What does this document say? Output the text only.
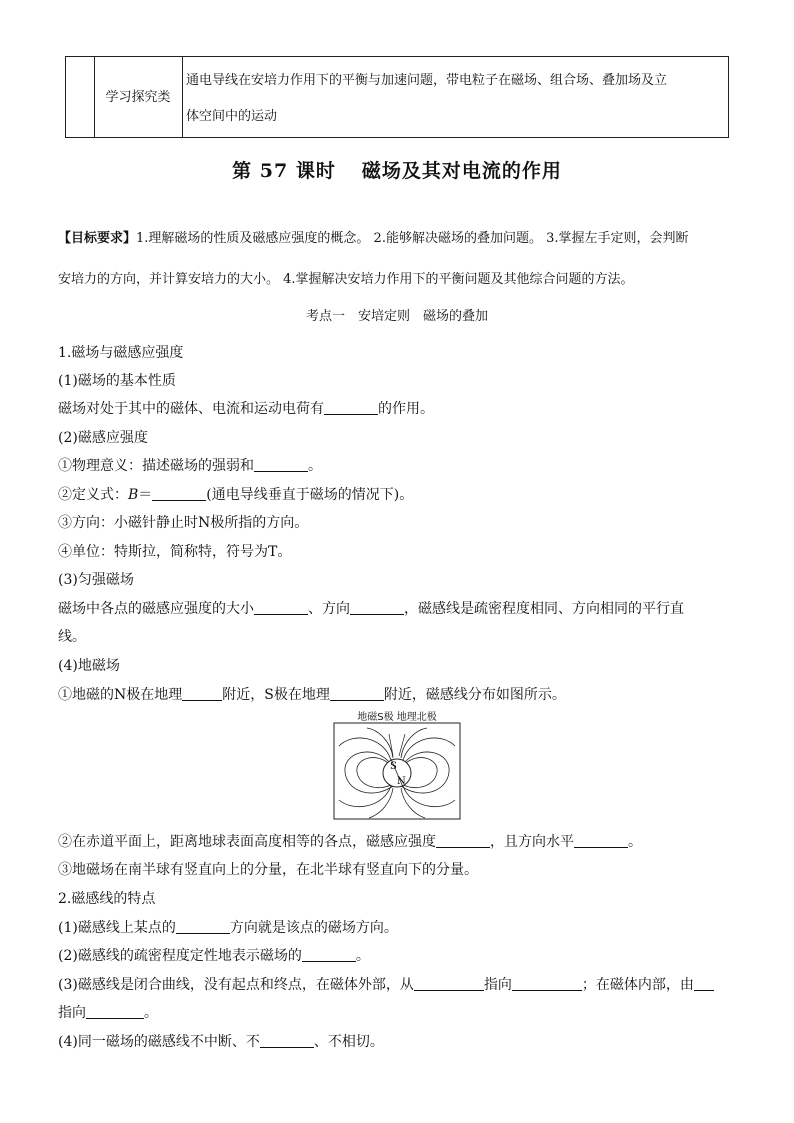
学习探究类
通电导线在安培力作用下的平衡与加速问题，带电粒子在磁场、组合场、叠加场及立
体空间中的运动
第 57 课时 磁场及其对电流的作用
【目标要求】1.理解磁场的性质及磁感应强度的概念。 2.能够解决磁场的叠加问题。 3.掌握左手定则，会判断
安培力的方向，并计算安培力的大小。 4.掌握解决安培力作用下的平衡问题及其他综合问题的方法。
考点一　安培定则　磁场的叠加
1.磁场与磁感应强度
(1)磁场的基本性质
磁场对处于其中的磁体、电流和运动电荷有	的作用。
(2)磁感应强度
①物理意义：描述磁场的强弱和	。
②定义式：B＝	(通电导线垂直于磁场的情况下)。
③方向：小磁针静止时N极所指的方向。
④单位：特斯拉，简称特，符号为T。
(3)匀强磁场
磁场中各点的磁感应强度的大小	、方向	，磁感线是疏密程度相同、方向相同的平行直
线。
(4)地磁场
①地磁的N极在地理	附近，S极在地理	附近，磁感线分布如图所示。
地磁S极 地理北极
S
N
②在赤道平面上，距离地球表面高度相等的各点，磁感应强度	，且方向水平	。
③地磁场在南半球有竖直向上的分量，在北半球有竖直向下的分量。
2.磁感线的特点
(1)磁感线上某点的	方向就是该点的磁场方向。
(2)磁感线的疏密程度定性地表示磁场的	。
(3)磁感线是闭合曲线，没有起点和终点，在磁体外部，从	指向	；在磁体内部，由
指向	。
(4)同一磁场的磁感线不中断、不	、不相切。
